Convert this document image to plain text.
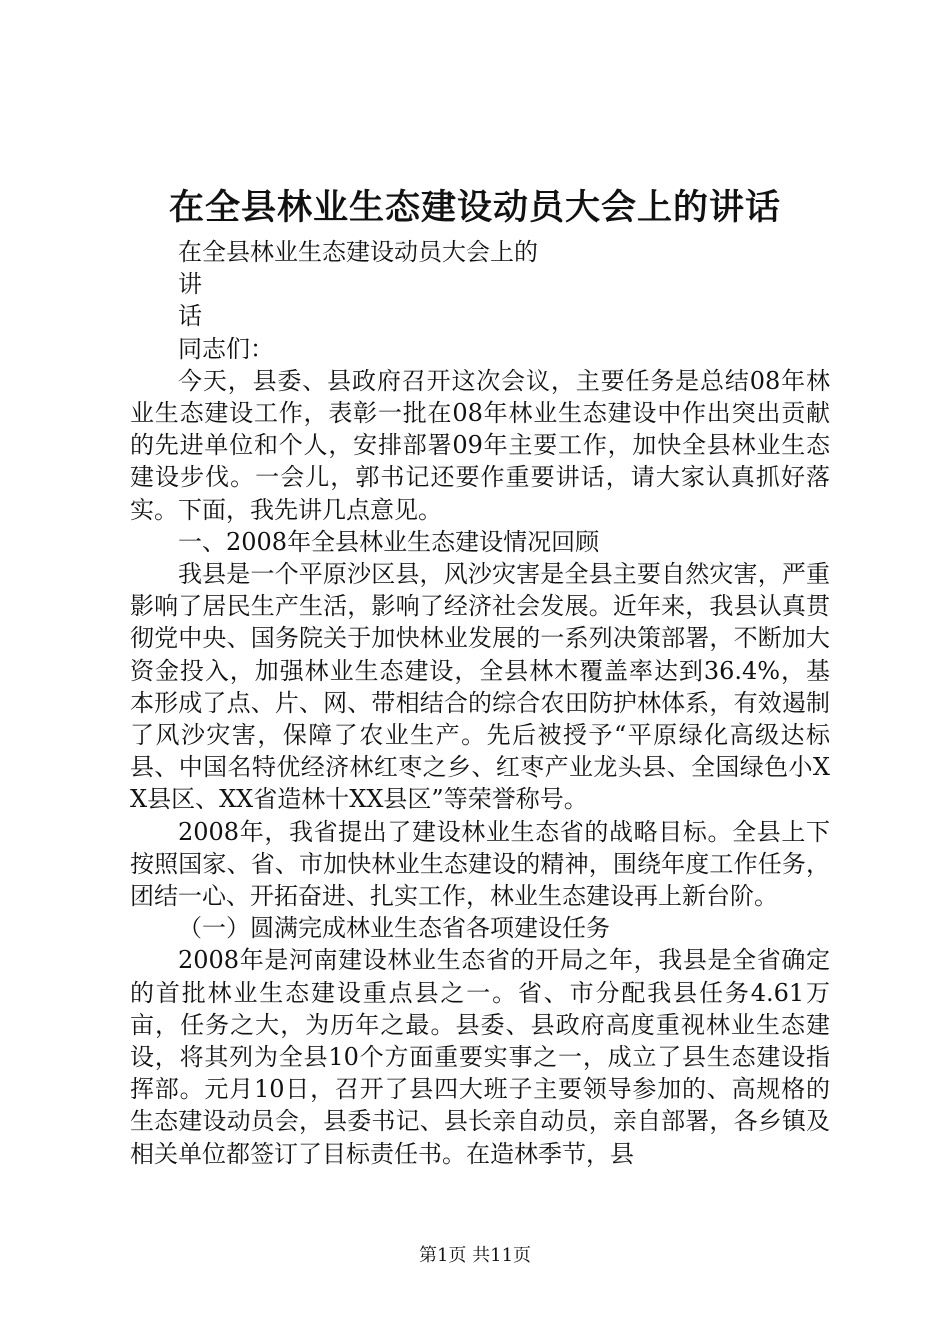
在全县林业生态建设动员大会上的讲话

在全县林业生态建设动员大会上的

讲

话

同志们：

今天，县委、县政府召开这次会议，主要任务是总结08年林业生态建设工作，表彰一批在08年林业生态建设中作出突出贡献的先进单位和个人，安排部署09年主要工作，加快全县林业生态建设步伐。一会儿，郭书记还要作重要讲话，请大家认真抓好落实。下面，我先讲几点意见。

一、2008年全县林业生态建设情况回顾

我县是一个平原沙区县，风沙灾害是全县主要自然灾害，严重影响了居民生产生活，影响了经济社会发展。近年来，我县认真贯彻党中央、国务院关于加快林业发展的一系列决策部署，不断加大资金投入，加强林业生态建设，全县林木覆盖率达到36.4%，基本形成了点、片、网、带相结合的综合农田防护林体系，有效遏制了风沙灾害，保障了农业生产。先后被授予“平原绿化高级达标县、中国名特优经济林红枣之乡、红枣产业龙头县、全国绿色小XX县区、XX省造林十XX县区”等荣誉称号。

2008年，我省提出了建设林业生态省的战略目标。全县上下按照国家、省、市加快林业生态建设的精神，围绕年度工作任务，团结一心、开拓奋进、扎实工作，林业生态建设再上新台阶。

（一）圆满完成林业生态省各项建设任务

2008年是河南建设林业生态省的开局之年，我县是全省确定的首批林业生态建设重点县之一。省、市分配我县任务4.61万亩，任务之大，为历年之最。县委、县政府高度重视林业生态建设，将其列为全县10个方面重要实事之一，成立了县生态建设指挥部。元月10日，召开了县四大班子主要领导参加的、高规格的生态建设动员会，县委书记、县长亲自动员，亲自部署，各乡镇及相关单位都签订了目标责任书。在造林季节，县

第1页 共11页
